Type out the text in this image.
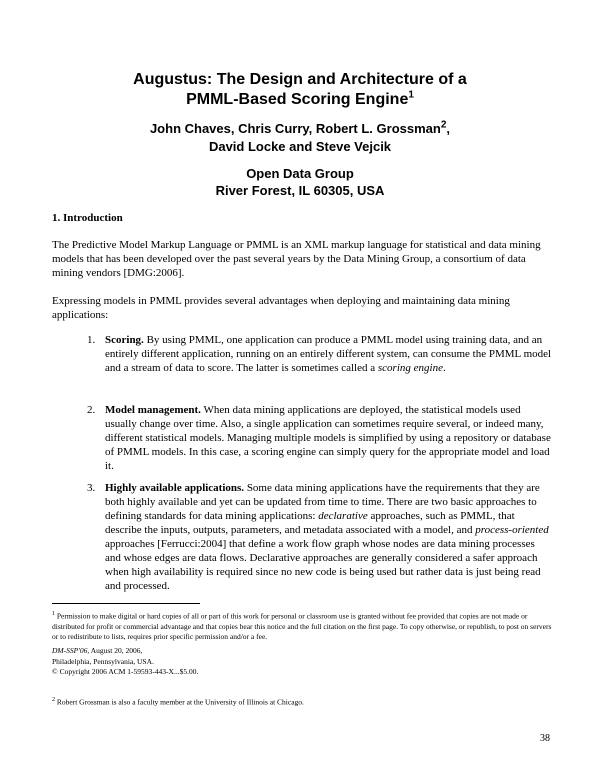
Augustus: The Design and Architecture of a
PMML-Based Scoring Engine$^1$
John Chaves, Chris Curry, Robert L. Grossman$^2$,
David Locke and Steve Vejcik
Open Data Group
River Forest, IL 60305, USA
1. Introduction
The Predictive Model Markup Language or PMML is an XML markup language for statistical and data mining models that has been developed over the past several years by the Data Mining Group, a consortium of data mining vendors [DMG:2006].
Expressing models in PMML provides several advantages when deploying and maintaining data mining applications:
1. Scoring. By using PMML, one application can produce a PMML model using training data, and an entirely different application, running on an entirely different system, can consume the PMML model and a stream of data to score. The latter is sometimes called a scoring engine.
2. Model management. When data mining applications are deployed, the statistical models used usually change over time. Also, a single application can sometimes require several, or indeed many, different statistical models. Managing multiple models is simplified by using a repository or database of PMML models. In this case, a scoring engine can simply query for the appropriate model and load it.
3. Highly available applications. Some data mining applications have the requirements that they are both highly available and yet can be updated from time to time. There are two basic approaches to defining standards for data mining applications: declarative approaches, such as PMML, that describe the inputs, outputs, parameters, and metadata associated with a model, and process-oriented approaches [Ferrucci:2004] that define a work flow graph whose nodes are data mining processes and whose edges are data flows. Declarative approaches are generally considered a safer approach when high availability is required since no new code is being used but rather data is just being read and processed.
$^1$ Permission to make digital or hard copies of all or part of this work for personal or classroom use is granted without fee provided that copies are not made or distributed for profit or commercial advantage and that copies bear this notice and the full citation on the first page. To copy otherwise, or republish, to post on servers or to redistribute to lists, requires prior specific permission and/or a fee.
DM-SSP'06, August 20, 2006,
Philadelphia, Pennsylvania, USA.
© Copyright 2006 ACM 1-59593-443-X...$5.00.
$^2$ Robert Grossman is also a faculty member at the University of Illinois at Chicago.
38
